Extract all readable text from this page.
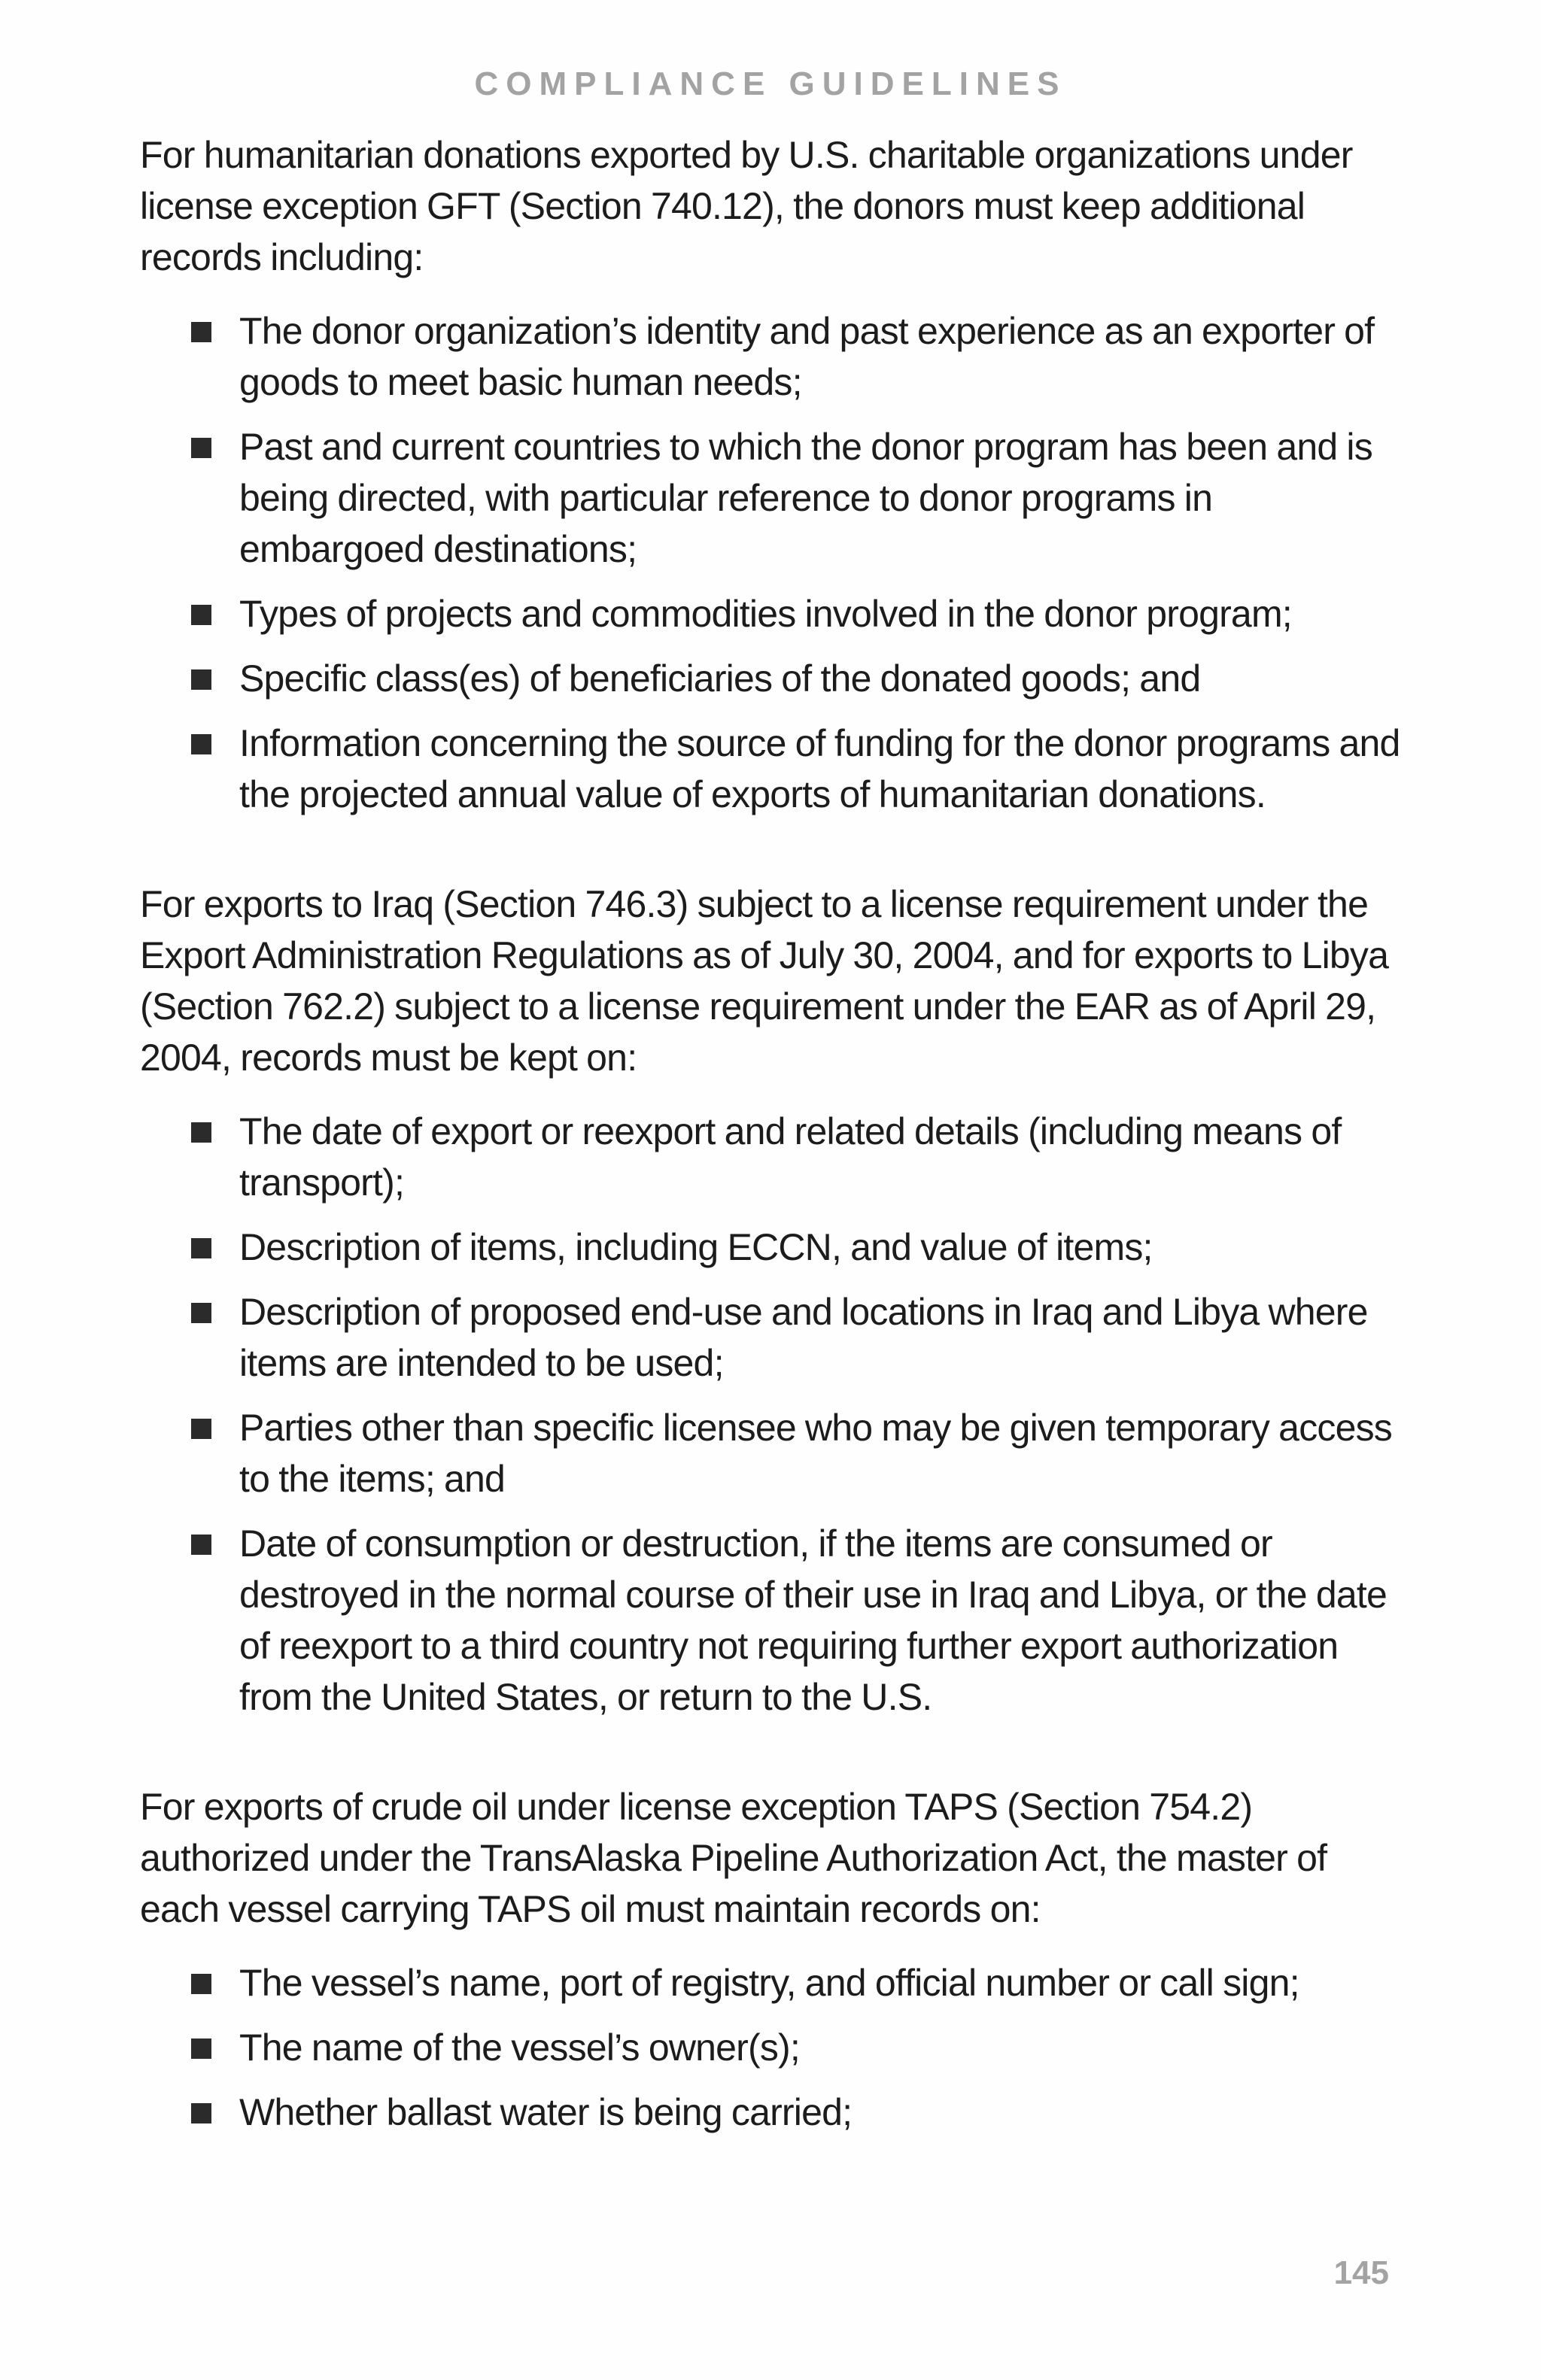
COMPLIANCE GUIDELINES

For humanitarian donations exported by U.S. charitable organizations under license exception GFT (Section 740.12), the donors must keep additional records including:

The donor organization’s identity and past experience as an exporter of goods to meet basic human needs;
Past and current countries to which the donor program has been and is being directed, with particular reference to donor programs in embargoed destinations;
Types of projects and commodities involved in the donor program;
Specific class(es) of beneficiaries of the donated goods; and
Information concerning the source of funding for the donor programs and the projected annual value of exports of humanitarian donations.

For exports to Iraq (Section 746.3) subject to a license requirement under the Export Administration Regulations as of July 30, 2004, and for exports to Libya (Section 762.2) subject to a license requirement under the EAR as of April 29, 2004, records must be kept on:

The date of export or reexport and related details (including means of transport);
Description of items, including ECCN, and value of items;
Description of proposed end-use and locations in Iraq and Libya where items are intended to be used;
Parties other than specific licensee who may be given temporary access to the items; and
Date of consumption or destruction, if the items are consumed or destroyed in the normal course of their use in Iraq and Libya, or the date of reexport to a third country not requiring further export authorization from the United States, or return to the U.S.

For exports of crude oil under license exception TAPS (Section 754.2) authorized under the TransAlaska Pipeline Authorization Act, the master of each vessel carrying TAPS oil must maintain records on:

The vessel’s name, port of registry, and official number or call sign;
The name of the vessel’s owner(s);
Whether ballast water is being carried;
145
